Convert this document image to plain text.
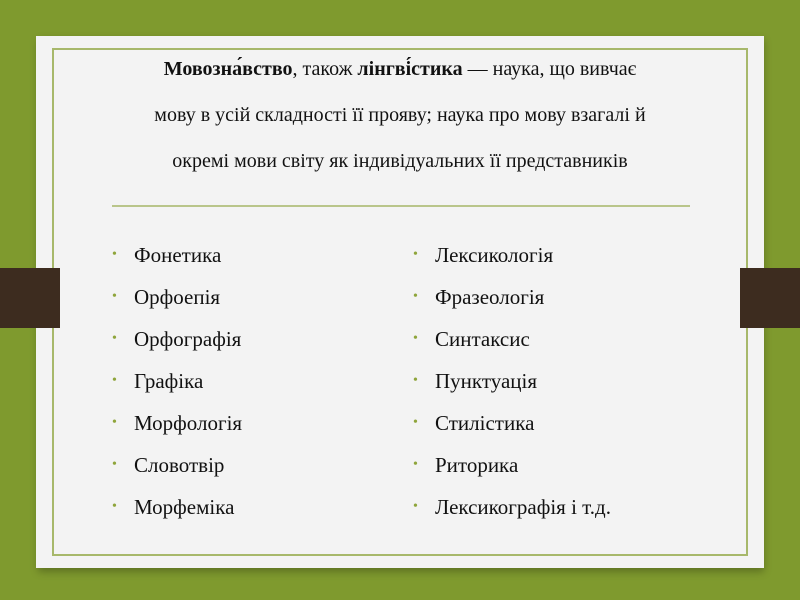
Мовозна́вство, також лінгві́стика — наука, що вивчає
мову в усій складності її прояву; наука про мову взагалі й
окремі мови світу як індивідуальних її представників
• Фонетика
• Орфоепія
• Орфографія
• Графіка
• Морфологія
• Словотвір
• Морфеміка
• Лексикологія
• Фразеологія
• Синтаксис
• Пунктуація
• Стилістика
• Риторика
• Лексикографія і т.д.
